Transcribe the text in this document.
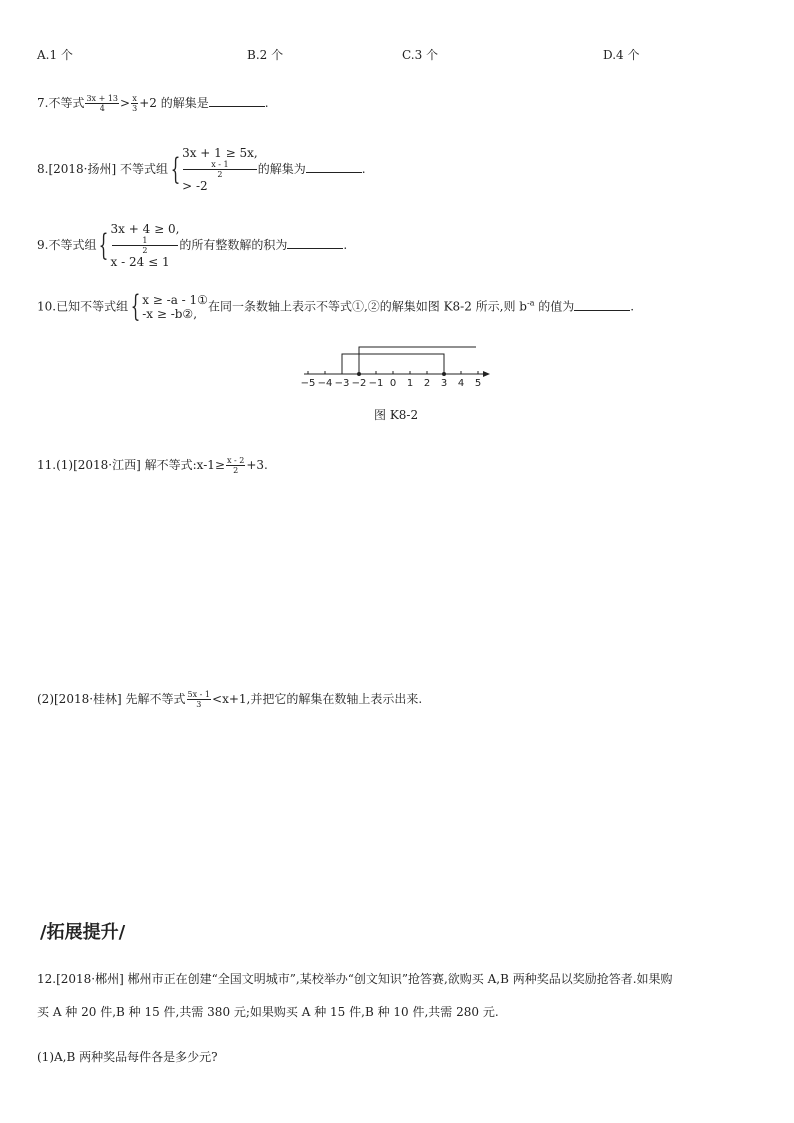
A.1 个	B.2 个	C.3 个	D.4 个
7.不等式 $\frac{3x + 13}{4} > \frac{x}{3} +2$ 的解集是	.
8.[2018·扬州] 不等式组{ 3x + 1 ≥ 5x,
x - 1
2
> -2
的解集为	.
9.不等式组{ 3x + 4 ≥ 0,
1
2
x - 24 ≤ 1
的所有整数解的积为	.
10.已知不等式组{ x ≥ -a - 1①
-x ≥ -b②,
在同一条数轴上表示不等式①,②的解集如图 K8-2 所示,则 $b^{-a}$ 的值为	.
−5 −4 −3 −2 −1 0 1 2 3 4 5
图 K8-2
11.(1)[2018·江西] 解不等式:x-1≥ $\frac{x - 2}{2} +3$.
(2)[2018·桂林] 先解不等式 $\frac{5x - 1}{3} <x+1$,并把它的解集在数轴上表示出来.
/拓展提升/
12.[2018·郴州] 郴州市正在创建“全国文明城市”,某校举办“创文知识”抢答赛,欲购买 A,B 两种奖品以奖励抢答者.如果购
买 A 种 20 件,B 种 15 件,共需 380 元;如果购买 A 种 15 件,B 种 10 件,共需 280 元.
(1)A,B 两种奖品每件各是多少元?
